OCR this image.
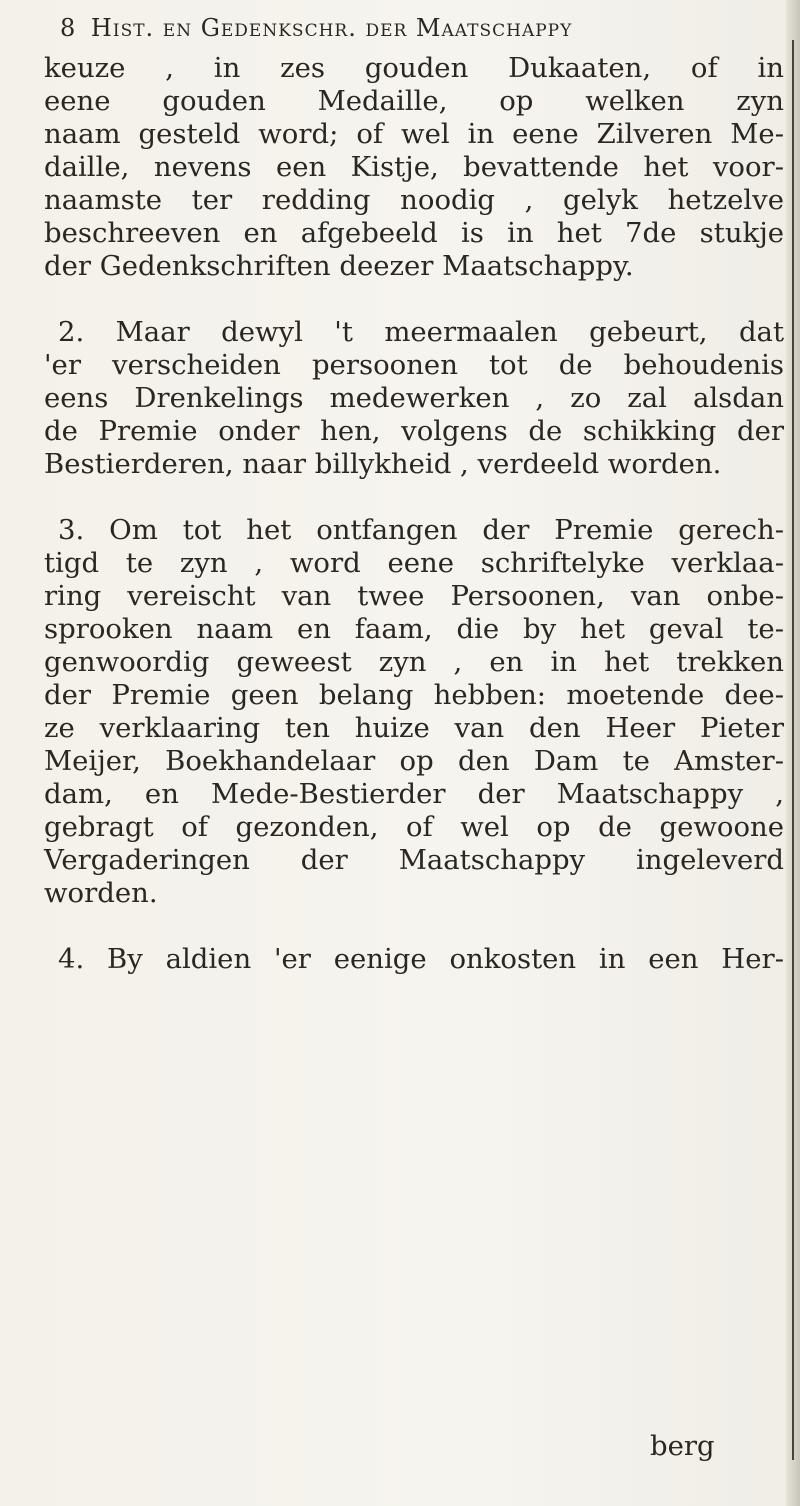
8 Hist. en Gedenkschr. der Maatschappy
keuze , in zes gouden Dukaaten, of in
eene gouden Medaille, op welken zyn
naam gesteld word; of wel in eene Zilveren Me-
daille, nevens een Kistje, bevattende het voor-
naamste ter redding noodig , gelyk hetzelve
beschreeven en afgebeeld is in het 7de stukje
der Gedenkschriften deezer Maatschappy.
2. Maar dewyl 't meermaalen gebeurt, dat
'er verscheiden persoonen tot de behoudenis
eens Drenkelings medewerken , zo zal alsdan
de Premie onder hen, volgens de schikking der
Bestierderen, naar billykheid , verdeeld worden.
3. Om tot het ontfangen der Premie gerech-
tigd te zyn , word eene schriftelyke verklaa-
ring vereischt van twee Persoonen, van onbe-
sprooken naam en faam, die by het geval te-
genwoordig geweest zyn , en in het trekken
der Premie geen belang hebben: moetende dee-
ze verklaaring ten huize van den Heer Pieter
Meijer, Boekhandelaar op den Dam te Amster-
dam, en Mede-Bestierder der Maatschappy ,
gebragt of gezonden, of wel op de gewoone
Vergaderingen der Maatschappy ingeleverd
worden.
4. By aldien 'er eenige onkosten in een Her-
berg
